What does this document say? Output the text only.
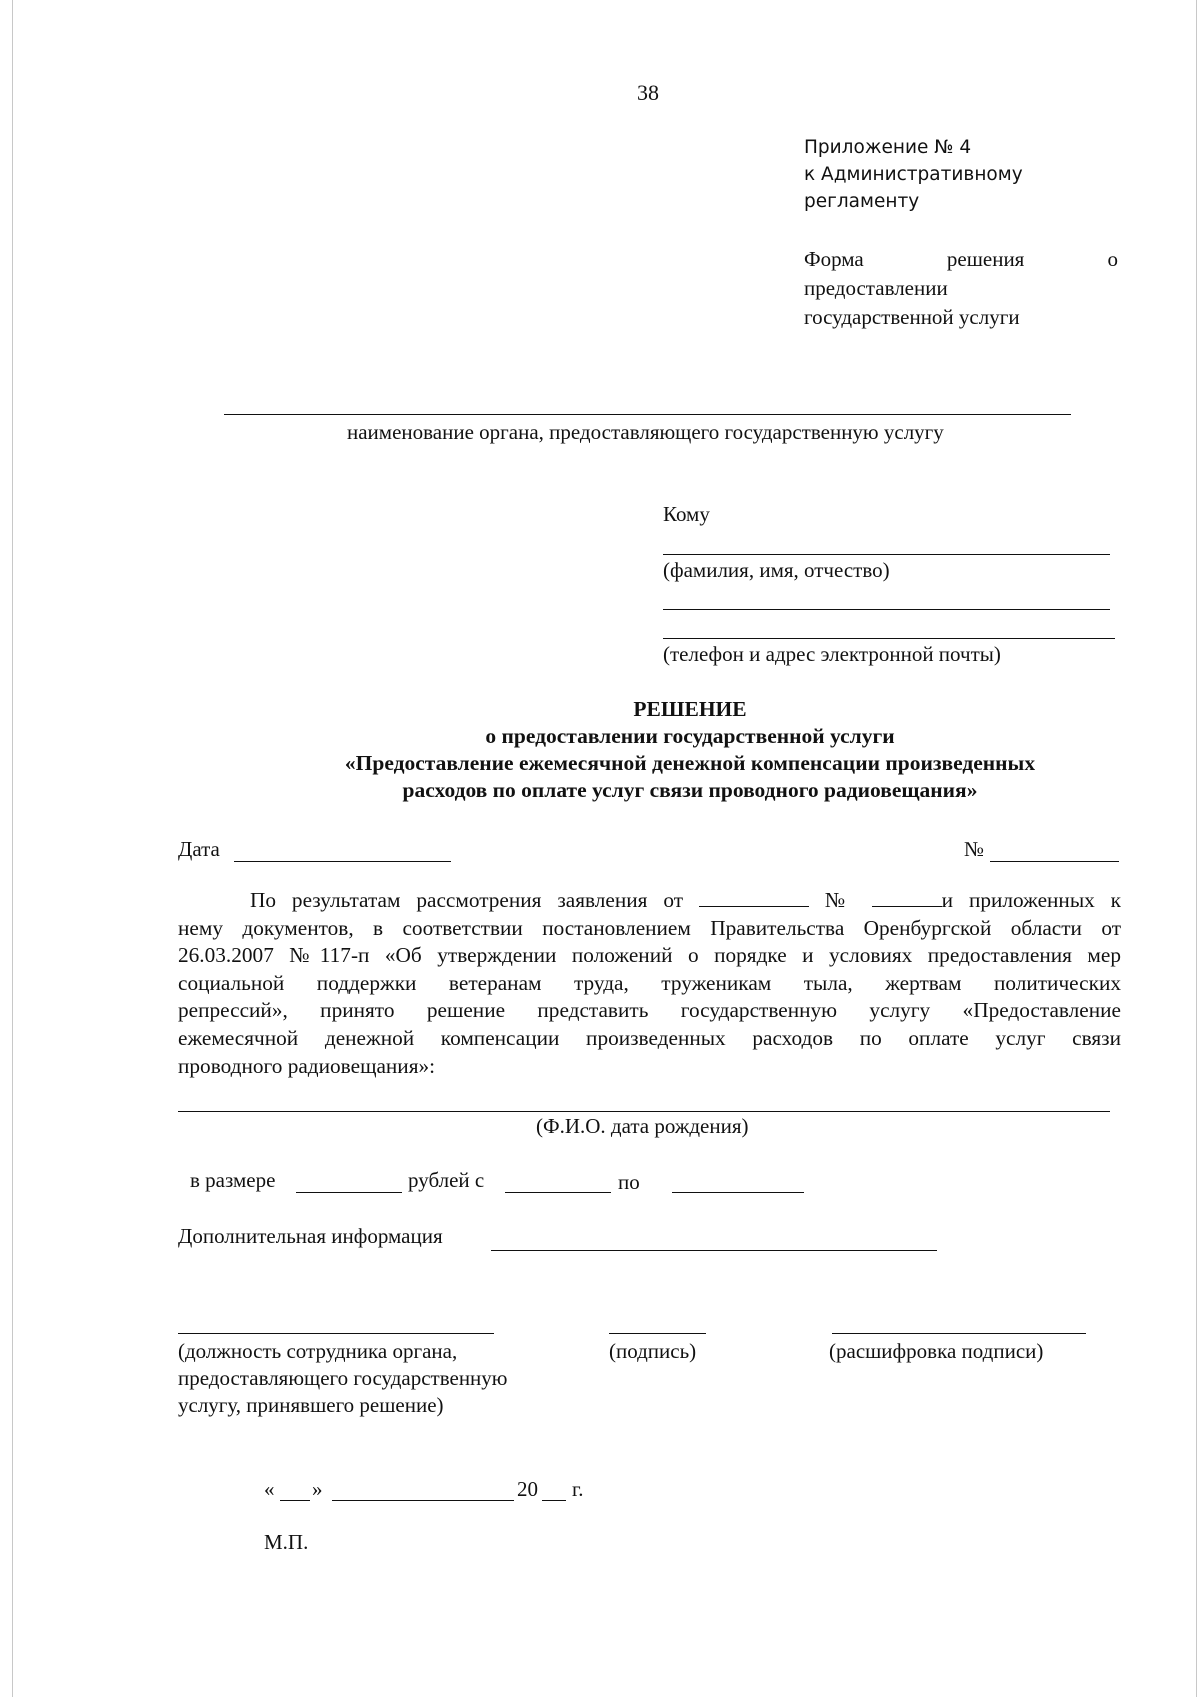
38
Приложение № 4
к Административному
регламенту
Форма	решения	о
предоставлении
государственной услуги
наименование органа, предоставляющего государственную услугу
Кому
(фамилия, имя, отчество)
(телефон и адрес электронной почты)
РЕШЕНИЕ
о предоставлении государственной услуги
«Предоставление ежемесячной денежной компенсации произведенных
расходов по оплате услуг связи проводного радиовещания»
Дата	№
По результатам рассмотрения заявления от	№	и приложенных к
нему документов, в соответствии постановлением Правительства Оренбургской области от
26.03.2007 №117-п «Об утверждении положений о порядке и условиях предоставления мер
социальной поддержки ветеранам труда, труженикам тыла, жертвам политических
репрессий», принято решение представить государственную услугу «Предоставление
ежемесячной денежной компенсации произведенных расходов по оплате услуг связи
проводного радиовещания»:
(Ф.И.О. дата рождения)
в размере	рублей с	по
Дополнительная информация
(должность сотрудника органа,
предоставляющего государственную
услугу, принявшего решение)
(подпись)	(расшифровка подписи)
« »	20 г.
М.П.
